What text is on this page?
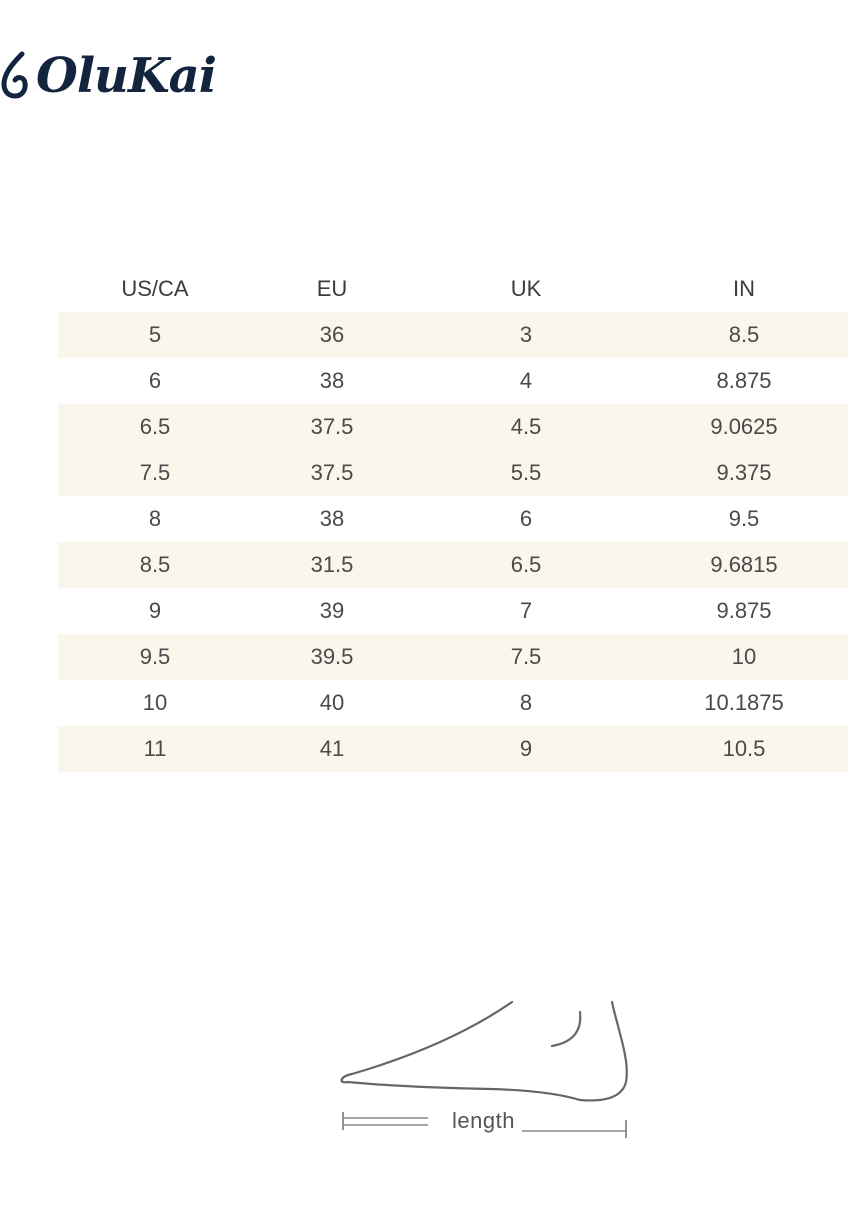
OluKai
US/CA	EU	UK	IN
5	36	3	8.5
6	38	4	8.875
6.5	37.5	4.5	9.0625
7.5	37.5	5.5	9.375
8	38	6	9.5
8.5	31.5	6.5	9.6815
9	39	7	9.875
9.5	39.5	7.5	10
10	40	8	10.1875
11	41	9	10.5
length
